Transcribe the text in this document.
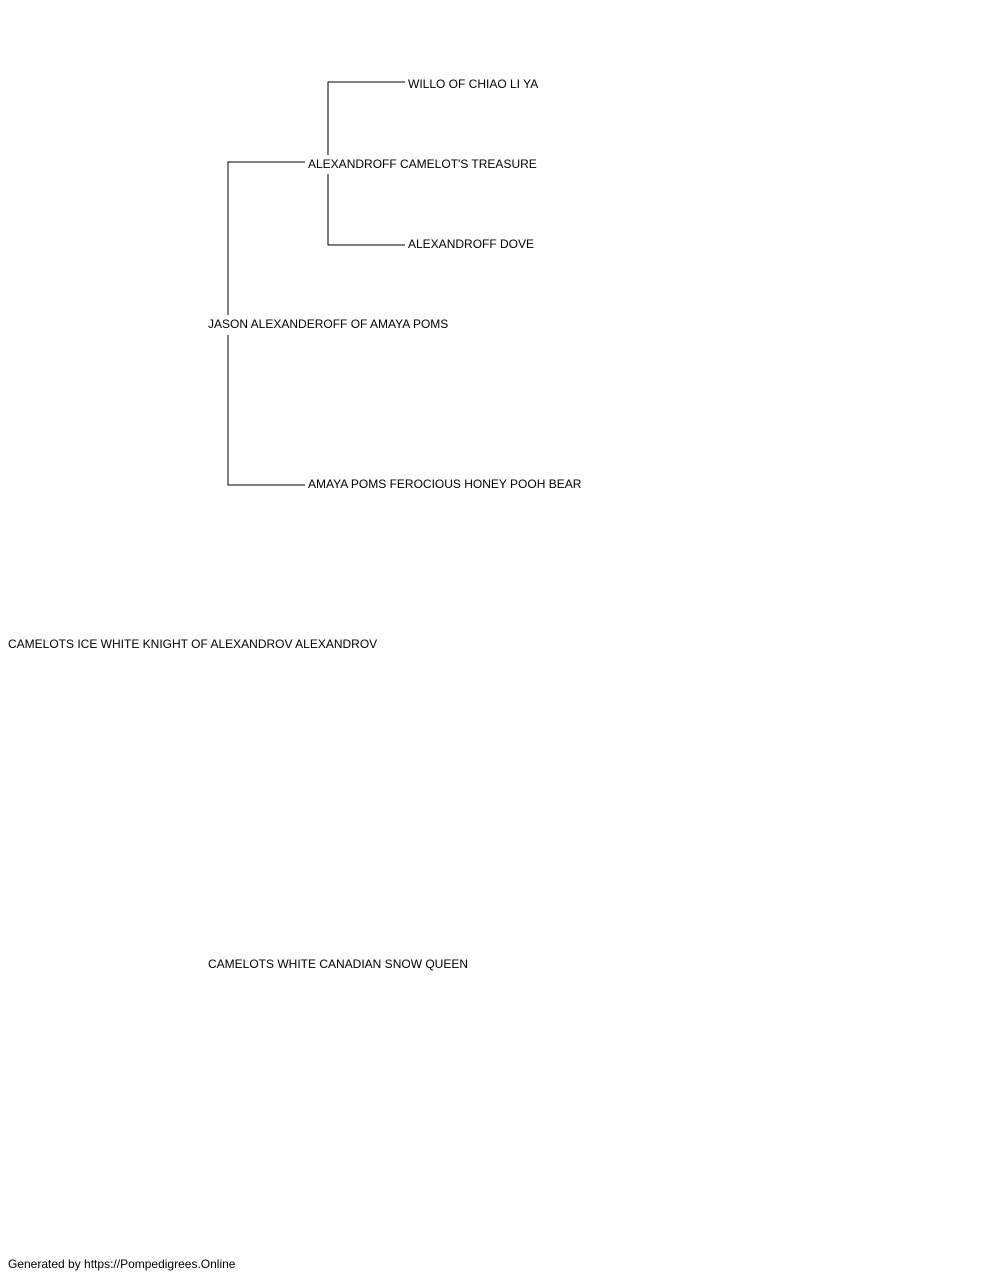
WILLO OF CHIAO LI YA
ALEXANDROFF CAMELOT'S TREASURE
ALEXANDROFF DOVE
JASON ALEXANDEROFF OF AMAYA POMS
AMAYA POMS FEROCIOUS HONEY POOH BEAR
CAMELOTS ICE WHITE KNIGHT OF ALEXANDROV ALEXANDROV
CAMELOTS WHITE CANADIAN SNOW QUEEN
Generated by https://Pompedigrees.Online
